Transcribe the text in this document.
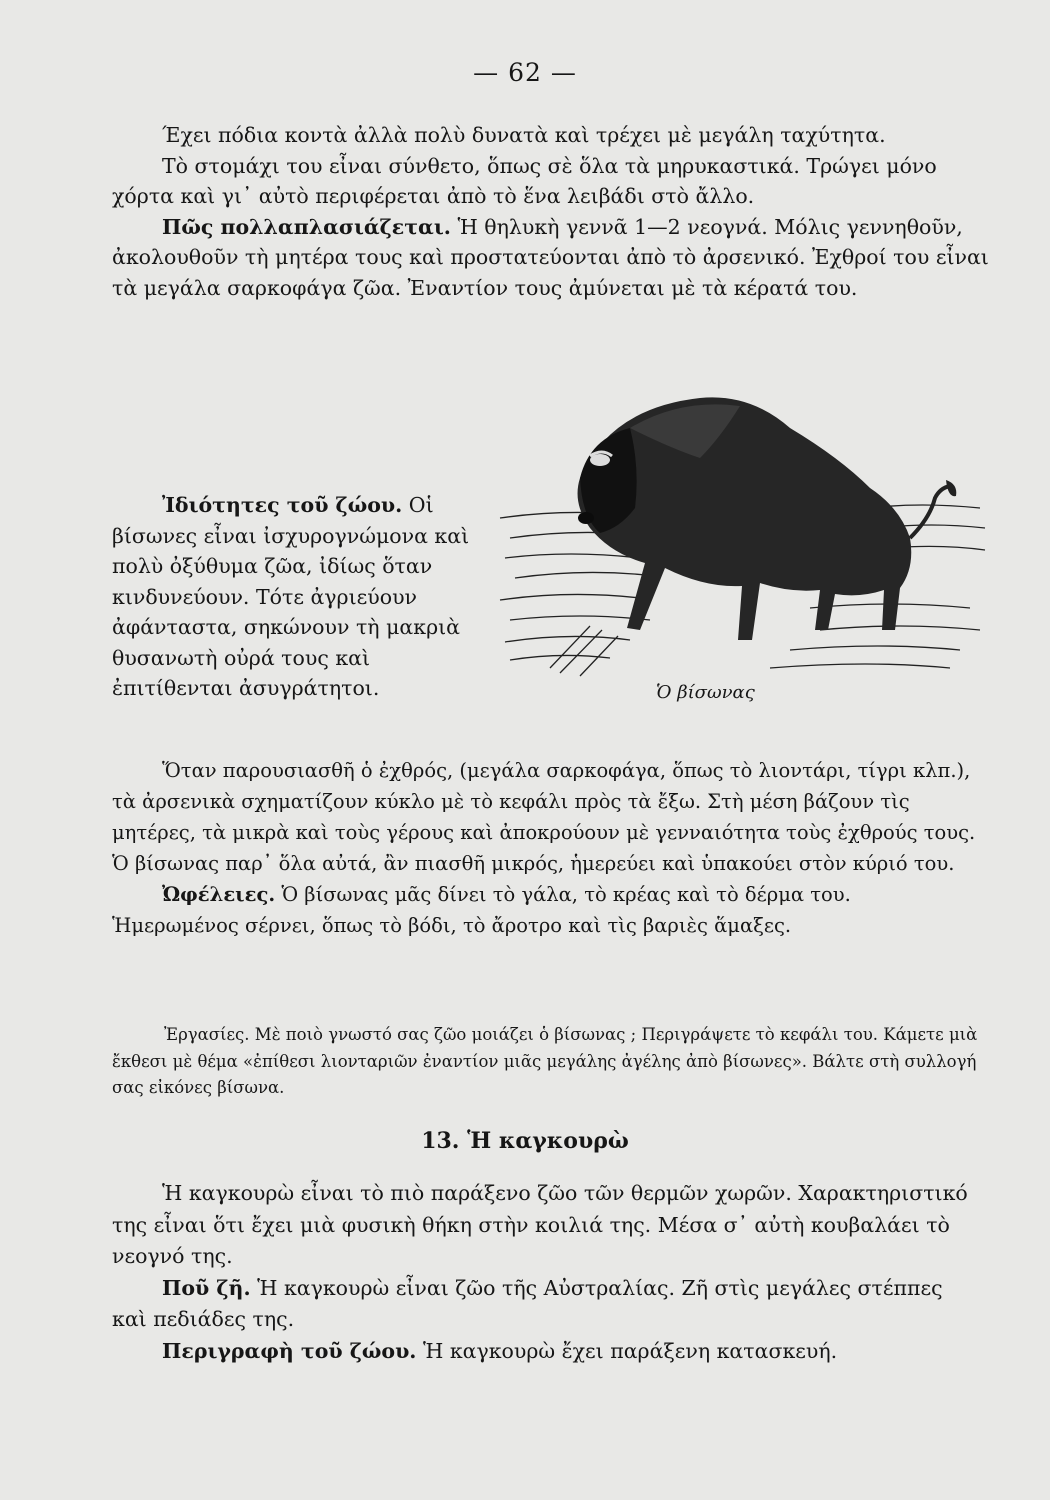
— 62 —

Έχει πόδια κοντὰ ἀλλὰ πολὺ δυνατὰ καὶ τρέχει μὲ μεγάλη ταχύτητα.

Τὸ στομάχι του εἶναι σύνθετο, ὅπως σὲ ὅλα τὰ μηρυκαστικά. Τρώγει μόνο χόρτα καὶ γι᾽ αὐτὸ περιφέρεται ἀπὸ τὸ ἕνα λειβάδι στὸ ἄλλο.

Πῶς πολλαπλασιάζεται. Ἡ θηλυκὴ γεννᾶ 1—2 νεογνά. Μόλις γεννηθοῦν, ἀκολουθοῦν τὴ μητέρα τους καὶ προστατεύονται ἀπὸ τὸ ἀρσενικό. Ἐχθροί του εἶναι τὰ μεγάλα σαρκοφάγα ζῶα. Ἐναντίον τους ἀμύνεται μὲ τὰ κέρατά του.

Ἰδιότητες τοῦ ζώου. Οἱ βίσωνες εἶναι ἰσχυρογνώμονα καὶ πολὺ ὀξύθυμα ζῶα, ἰδίως ὅταν κινδυνεύουν. Τότε ἀγριεύουν ἀφάνταστα, σηκώνουν τὴ μακριὰ θυσανωτὴ οὐρά τους καὶ ἐπιτίθενται ἀσυγράτητοι.	Ὁ βίσωνας

Ὅταν παρουσιασθῆ ὁ ἐχθρός, (μεγάλα σαρκοφάγα, ὅπως τὸ λιοντάρι, τίγρι κλπ.), τὰ ἀρσενικὰ σχηματίζουν κύκλο μὲ τὸ κεφάλι πρὸς τὰ ἔξω. Στὴ μέση βάζουν τὶς μητέρες, τὰ μικρὰ καὶ τοὺς γέρους καὶ ἀποκρούουν μὲ γενναιότητα τοὺς ἐχθρούς τους. Ὁ βίσωνας παρ᾽ ὅλα αὐτά, ἂν πιασθῆ μικρός, ἡμερεύει καὶ ὑπακούει στὸν κύριό του.

Ὠφέλειες. Ὁ βίσωνας μᾶς δίνει τὸ γάλα, τὸ κρέας καὶ τὸ δέρμα του. Ἡμερωμένος σέρνει, ὅπως τὸ βόδι, τὸ ἄροτρο καὶ τὶς βαριὲς ἅμαξες.

Ἐργασίες. Μὲ ποιὸ γνωστό σας ζῶο μοιάζει ὁ βίσωνας ; Περιγράψετε τὸ κεφάλι του. Κάμετε μιὰ ἔκθεσι μὲ θέμα «ἐπίθεσι λιονταριῶν ἐναντίον μιᾶς μεγάλης ἀγέλης ἀπὸ βίσωνες». Βάλτε στὴ συλλογή σας εἰκόνες βίσωνα.

13. Ἡ καγκουρὼ

Ἡ καγκουρὼ εἶναι τὸ πιὸ παράξενο ζῶο τῶν θερμῶν χωρῶν. Χαρακτηριστικό της εἶναι ὅτι ἔχει μιὰ φυσικὴ θήκη στὴν κοιλιά της. Μέσα σ᾽ αὐτὴ κουβαλάει τὸ νεογνό της.

Ποῦ ζῆ. Ἡ καγκουρὼ εἶναι ζῶο τῆς Αὐστραλίας. Ζῆ στὶς μεγάλες στέππες καὶ πεδιάδες της.

Περιγραφὴ τοῦ ζώου. Ἡ καγκουρὼ ἔχει παράξενη κατασκευή.
